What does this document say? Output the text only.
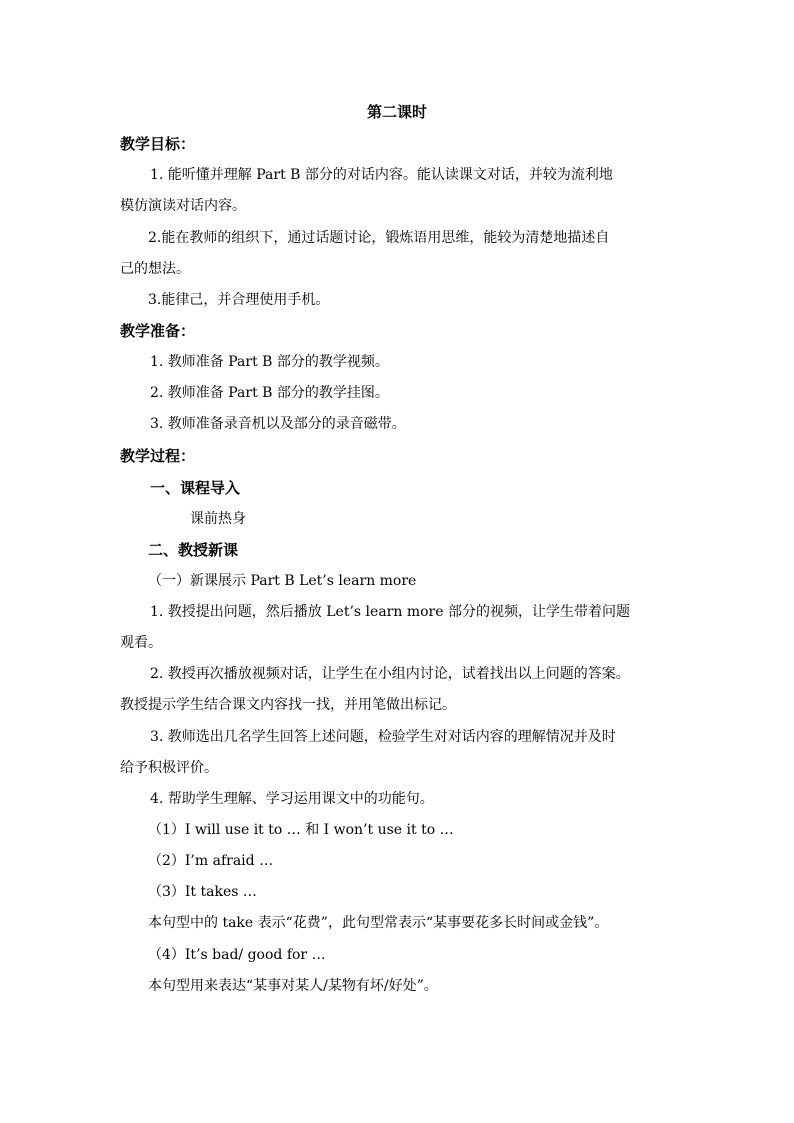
第二课时
教学目标：
1. 能听懂并理解 Part B 部分的对话内容。能认读课文对话，并较为流利地
模仿演读对话内容。
2.能在教师的组织下，通过话题讨论，锻炼语用思维，能较为清楚地描述自
己的想法。
3.能律己，并合理使用手机。
教学准备：
1. 教师准备 Part B 部分的教学视频。
2. 教师准备 Part B 部分的教学挂图。
3. 教师准备录音机以及部分的录音磁带。
教学过程：
一、课程导入
课前热身
二、教授新课
（一）新课展示 Part B Let’s learn more
1. 教授提出问题，然后播放 Let’s learn more 部分的视频，让学生带着问题
观看。
2. 教授再次播放视频对话，让学生在小组内讨论，试着找出以上问题的答案。
教授提示学生结合课文内容找一找，并用笔做出标记。
3. 教师选出几名学生回答上述问题，检验学生对对话内容的理解情况并及时
给予积极评价。
4. 帮助学生理解、学习运用课文中的功能句。
（1）I will use it to … 和 I won’t use it to …
（2）I’m afraid …
（3）It takes …
本句型中的 take 表示“花费”，此句型常表示“某事要花多长时间或金钱”。
（4）It’s bad/ good for …
本句型用来表达“某事对某人/某物有坏/好处”。
